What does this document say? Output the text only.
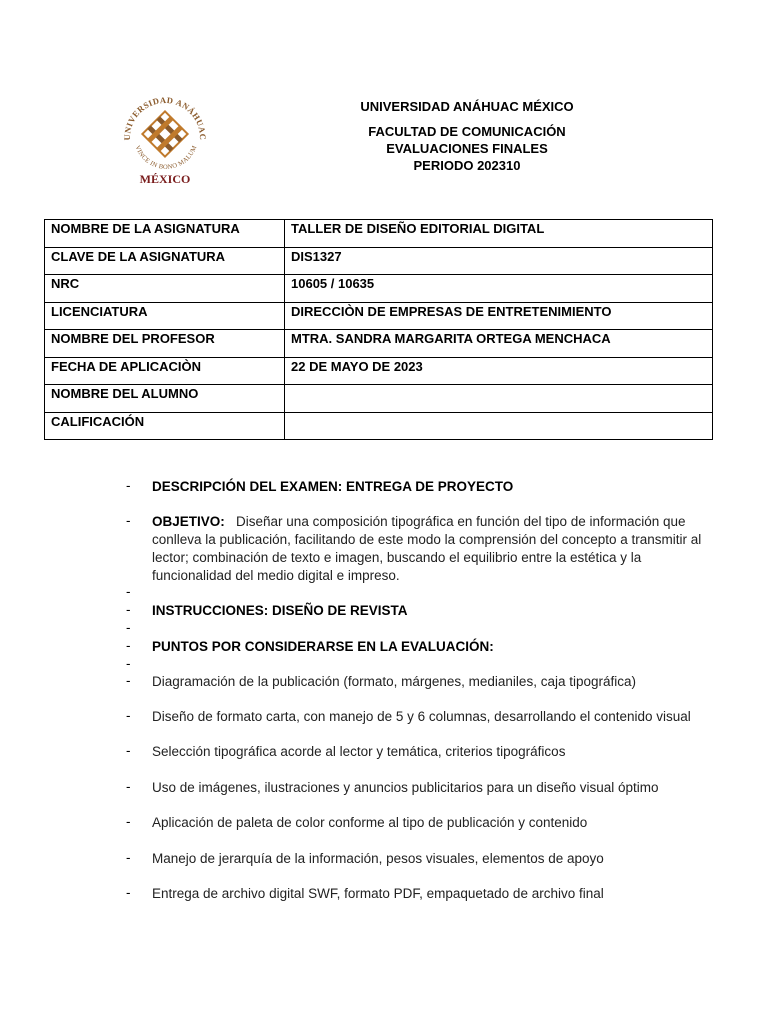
UNIVERSIDAD ANÁHUAC
VINCE IN BONO MALUM
MÉXICO
UNIVERSIDAD ANÁHUAC MÉXICO
FACULTAD DE COMUNICACIÓN
EVALUACIONES FINALES
PERIODO 202310
NOMBRE DE LA ASIGNATURA	TALLER DE DISEÑO EDITORIAL DIGITAL
CLAVE DE LA ASIGNATURA	DIS1327
NRC	10605 / 10635
LICENCIATURA	DIRECCIÒN DE EMPRESAS DE ENTRETENIMIENTO
NOMBRE DEL PROFESOR	MTRA. SANDRA MARGARITA ORTEGA MENCHACA
FECHA DE APLICACIÒN	22 DE MAYO DE 2023
NOMBRE DEL ALUMNO	
CALIFICACIÓN	
- DESCRIPCIÓN DEL EXAMEN: ENTREGA DE PROYECTO
- OBJETIVO: Diseñar una composición tipográfica en función del tipo de información que conlleva la publicación, facilitando de este modo la comprensión del concepto a transmitir al lector; combinación de texto e imagen, buscando el equilibrio entre la estética y la funcionalidad del medio digital e impreso.
-
- INSTRUCCIONES: DISEÑO DE REVISTA
-
- PUNTOS POR CONSIDERARSE EN LA EVALUACIÓN:
-
- Diagramación de la publicación (formato, márgenes, medianiles, caja tipográfica)
- Diseño de formato carta, con manejo de 5 y 6 columnas, desarrollando el contenido visual
- Selección tipográfica acorde al lector y temática, criterios tipográficos
- Uso de imágenes, ilustraciones y anuncios publicitarios para un diseño visual óptimo
- Aplicación de paleta de color conforme al tipo de publicación y contenido
- Manejo de jerarquía de la información, pesos visuales, elementos de apoyo
- Entrega de archivo digital SWF, formato PDF, empaquetado de archivo final
